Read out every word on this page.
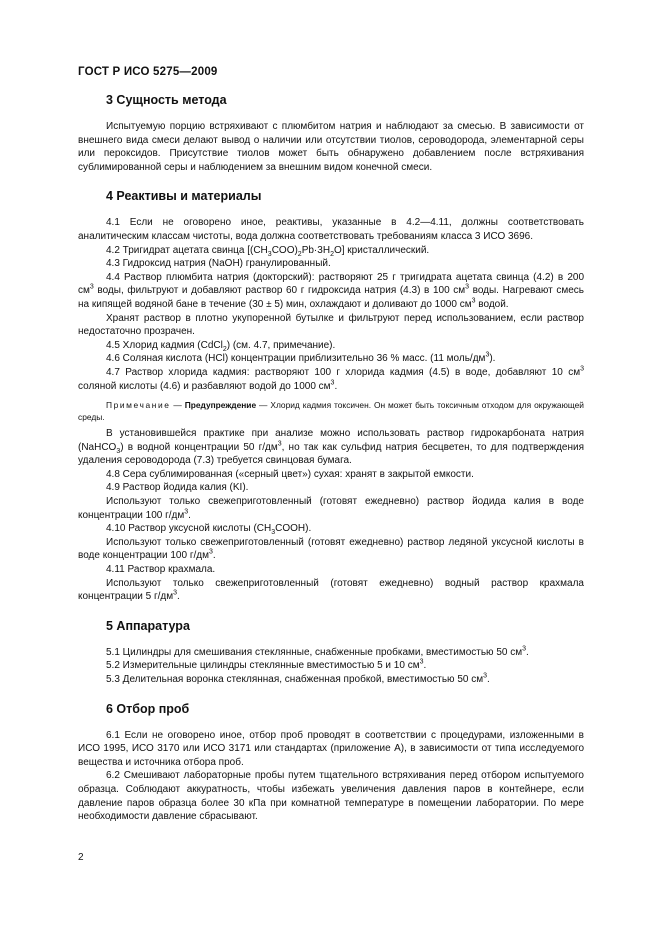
ГОСТ Р ИСО 5275—2009
3 Сущность метода

Испытуемую порцию встряхивают с плюмбитом натрия и наблюдают за смесью. В зависимости от внешнего вида смеси делают вывод о наличии или отсутствии тиолов, сероводорода, элементарной серы или пероксидов. Присутствие тиолов может быть обнаружено добавлением после встряхивания сублимированной серы и наблюдением за внешним видом конечной смеси.

4 Реактивы и материалы

4.1 Если не оговорено иное, реактивы, указанные в 4.2—4.11, должны соответствовать аналитическим классам чистоты, вода должна соответствовать требованиям класса 3 ИСО 3696.

4.2 Тригидрат ацетата свинца $[(CH_3COO)_2Pb\cdot 3H_2O]$ кристаллический.

4.3 Гидроксид натрия (NaOH) гранулированный.

4.4 Раствор плюмбита натрия (докторский): растворяют 25 г тригидрата ацетата свинца (4.2) в 200 $см^3$ воды, фильтруют и добавляют раствор 60 г гидроксида натрия (4.3) в 100 $см^3$ воды. Нагревают смесь на кипящей водяной бане в течение (30 ± 5) мин, охлаждают и доливают до 1000 $см^3$ водой.

Хранят раствор в плотно укупоренной бутылке и фильтруют перед использованием, если раствор недостаточно прозрачен.

4.5 Хлорид кадмия (CdCl$_2$) (см. 4.7, примечание).

4.6 Соляная кислота (HCl) концентрации приблизительно 36 % масс. (11 моль/$дм^3$).

4.7 Раствор хлорида кадмия: растворяют 100 г хлорида кадмия (4.5) в воде, добавляют 10 $см^3$ соляной кислоты (4.6) и разбавляют водой до 1000 $см^3$.

Примечание — Предупреждение — Хлорид кадмия токсичен. Он может быть токсичным отходом для окружающей среды.

В установившейся практике при анализе можно использовать раствор гидрокарбоната натрия (NaHCO$_3$) в водной концентрации 50 $г/дм^3$, но так как сульфид натрия бесцветен, то для подтверждения удаления сероводорода (7.3) требуется свинцовая бумага.

4.8 Сера сублимированная («серный цвет») сухая: хранят в закрытой емкости.

4.9 Раствор йодида калия (KI).

Используют только свежеприготовленный (готовят ежедневно) раствор йодида калия в воде концентрации 100 $г/дм^3$.

4.10 Раствор уксусной кислоты $(CH_3COOH)$.

Используют только свежеприготовленный (готовят ежедневно) раствор ледяной уксусной кислоты в воде концентрации 100 $г/дм^3$.

4.11 Раствор крахмала.

Используют только свежеприготовленный (готовят ежедневно) водный раствор крахмала концентрации 5 $г/дм^3$.

5 Аппаратура

5.1 Цилиндры для смешивания стеклянные, снабженные пробками, вместимостью 50 $см^3$.

5.2 Измерительные цилиндры стеклянные вместимостью 5 и 10 $см^3$.

5.3 Делительная воронка стеклянная, снабженная пробкой, вместимостью 50 $см^3$.

6 Отбор проб

6.1 Если не оговорено иное, отбор проб проводят в соответствии с процедурами, изложенными в ИСО 1995, ИСО 3170 или ИСО 3171 или стандартах (приложение А), в зависимости от типа исследуемого вещества и источника отбора проб.

6.2 Смешивают лабораторные пробы путем тщательного встряхивания перед отбором испытуемого образца. Соблюдают аккуратность, чтобы избежать увеличения давления паров в контейнере, если давление паров образца более 30 кПа при комнатной температуре в помещении лаборатории. По мере необходимости давление сбрасывают.

2
